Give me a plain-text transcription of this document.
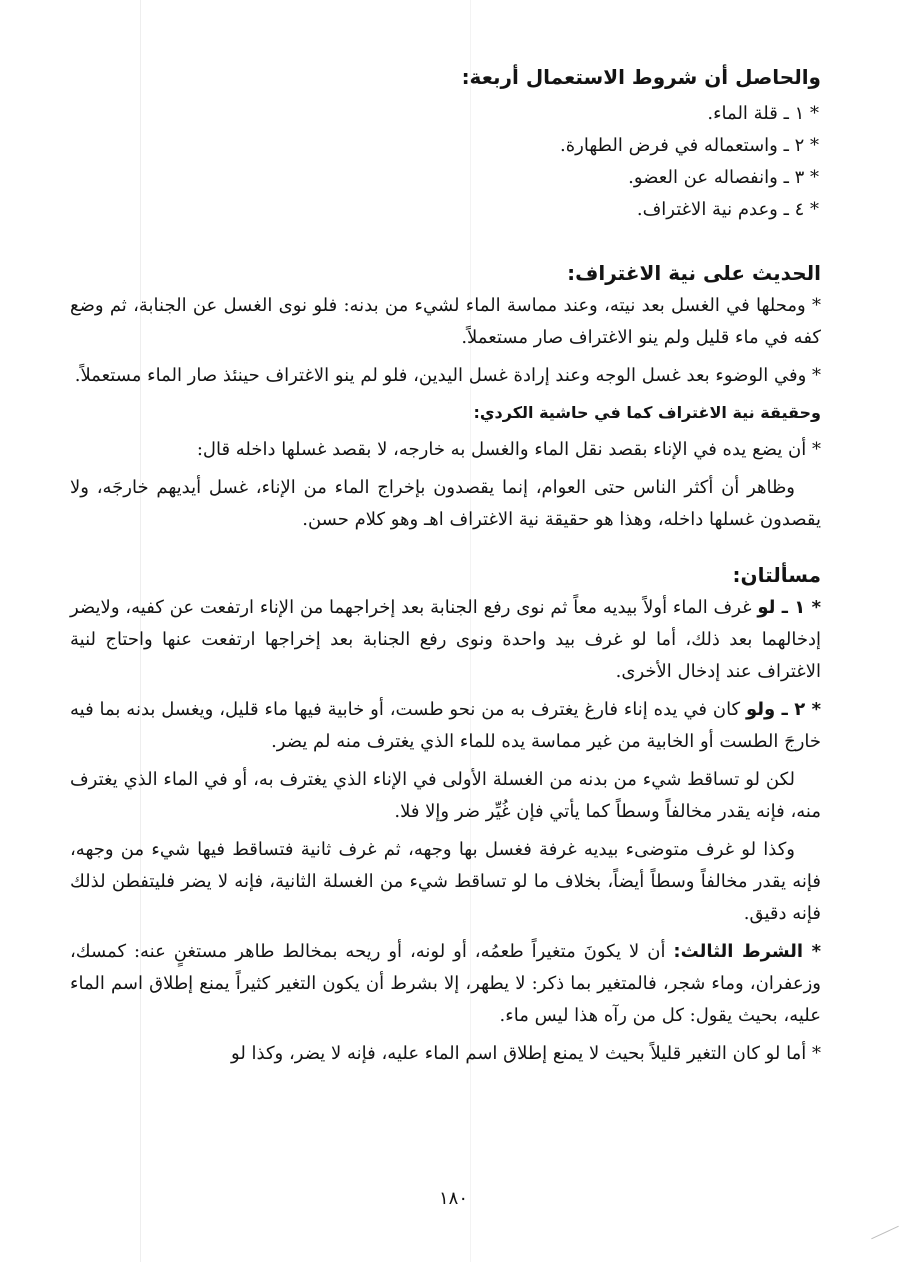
والحاصل أن شروط الاستعمال أربعة:
* ١ ـ قلة الماء.
* ٢ ـ واستعماله في فرض الطهارة.
* ٣ ـ وانفصاله عن العضو.
* ٤ ـ وعدم نية الاغتراف.
الحديث على نية الاغتراف:

* ومحلها في الغسل بعد نيته، وعند مماسة الماء لشيء من بدنه: فلو نوى الغسل عن الجنابة، ثم وضع كفه في ماء قليل ولم ينو الاغتراف صار مستعملاً.

* وفي الوضوء بعد غسل الوجه وعند إرادة غسل اليدين، فلو لم ينو الاغتراف حينئذ صار الماء مستعملاً.

وحقيقة نية الاغتراف كما في حاشية الكردي:

* أن يضع يده في الإناء بقصد نقل الماء والغسل به خارجه، لا بقصد غسلها داخله قال:

وظاهر أن أكثر الناس حتى العوام، إنما يقصدون بإخراج الماء من الإناء، غسل أيديهم خارجَه، ولا يقصدون غسلها داخله، وهذا هو حقيقة نية الاغتراف اهـ وهو كلام حسن.

مسألتان:

* ١ ـ لو غرف الماء أولاً بيديه معاً ثم نوى رفع الجنابة بعد إخراجهما من الإناء ارتفعت عن كفيه، ولايضر إدخالهما بعد ذلك، أما لو غرف بيد واحدة ونوى رفع الجنابة بعد إخراجها ارتفعت عنها واحتاج لنية الاغتراف عند إدخال الأخرى.

* ٢ ـ ولو كان في يده إناء فارغ يغترف به من نحو طست، أو خابية فيها ماء قليل، ويغسل بدنه بما فيه خارجَ الطست أو الخابية من غير مماسة يده للماء الذي يغترف منه لم يضر.

لكن لو تساقط شيء من بدنه من الغسلة الأولى في الإناء الذي يغترف به، أو في الماء الذي يغترف منه، فإنه يقدر مخالفاً وسطاً كما يأتي فإن غُيِّر ضر وإلا فلا.

وكذا لو غرف متوضىء بيديه غرفة فغسل بها وجهه، ثم غرف ثانية فتساقط فيها شيء من وجهه، فإنه يقدر مخالفاً وسطاً أيضاً، بخلاف ما لو تساقط شيء من الغسلة الثانية، فإنه لا يضر فليتفطن لذلك فإنه دقيق.

* الشرط الثالث: أن لا يكونَ متغيراً طعمُه، أو لونه، أو ريحه بمخالط طاهر مستغنٍ عنه: كمسك، وزعفران، وماء شجر، فالمتغير بما ذكر: لا يطهر، إلا بشرط أن يكون التغير كثيراً يمنع إطلاق اسم الماء عليه، بحيث يقول: كل من رآه هذا ليس ماء.

* أما لو كان التغير قليلاً بحيث لا يمنع إطلاق اسم الماء عليه، فإنه لا يضر، وكذا لو

١٨٠
